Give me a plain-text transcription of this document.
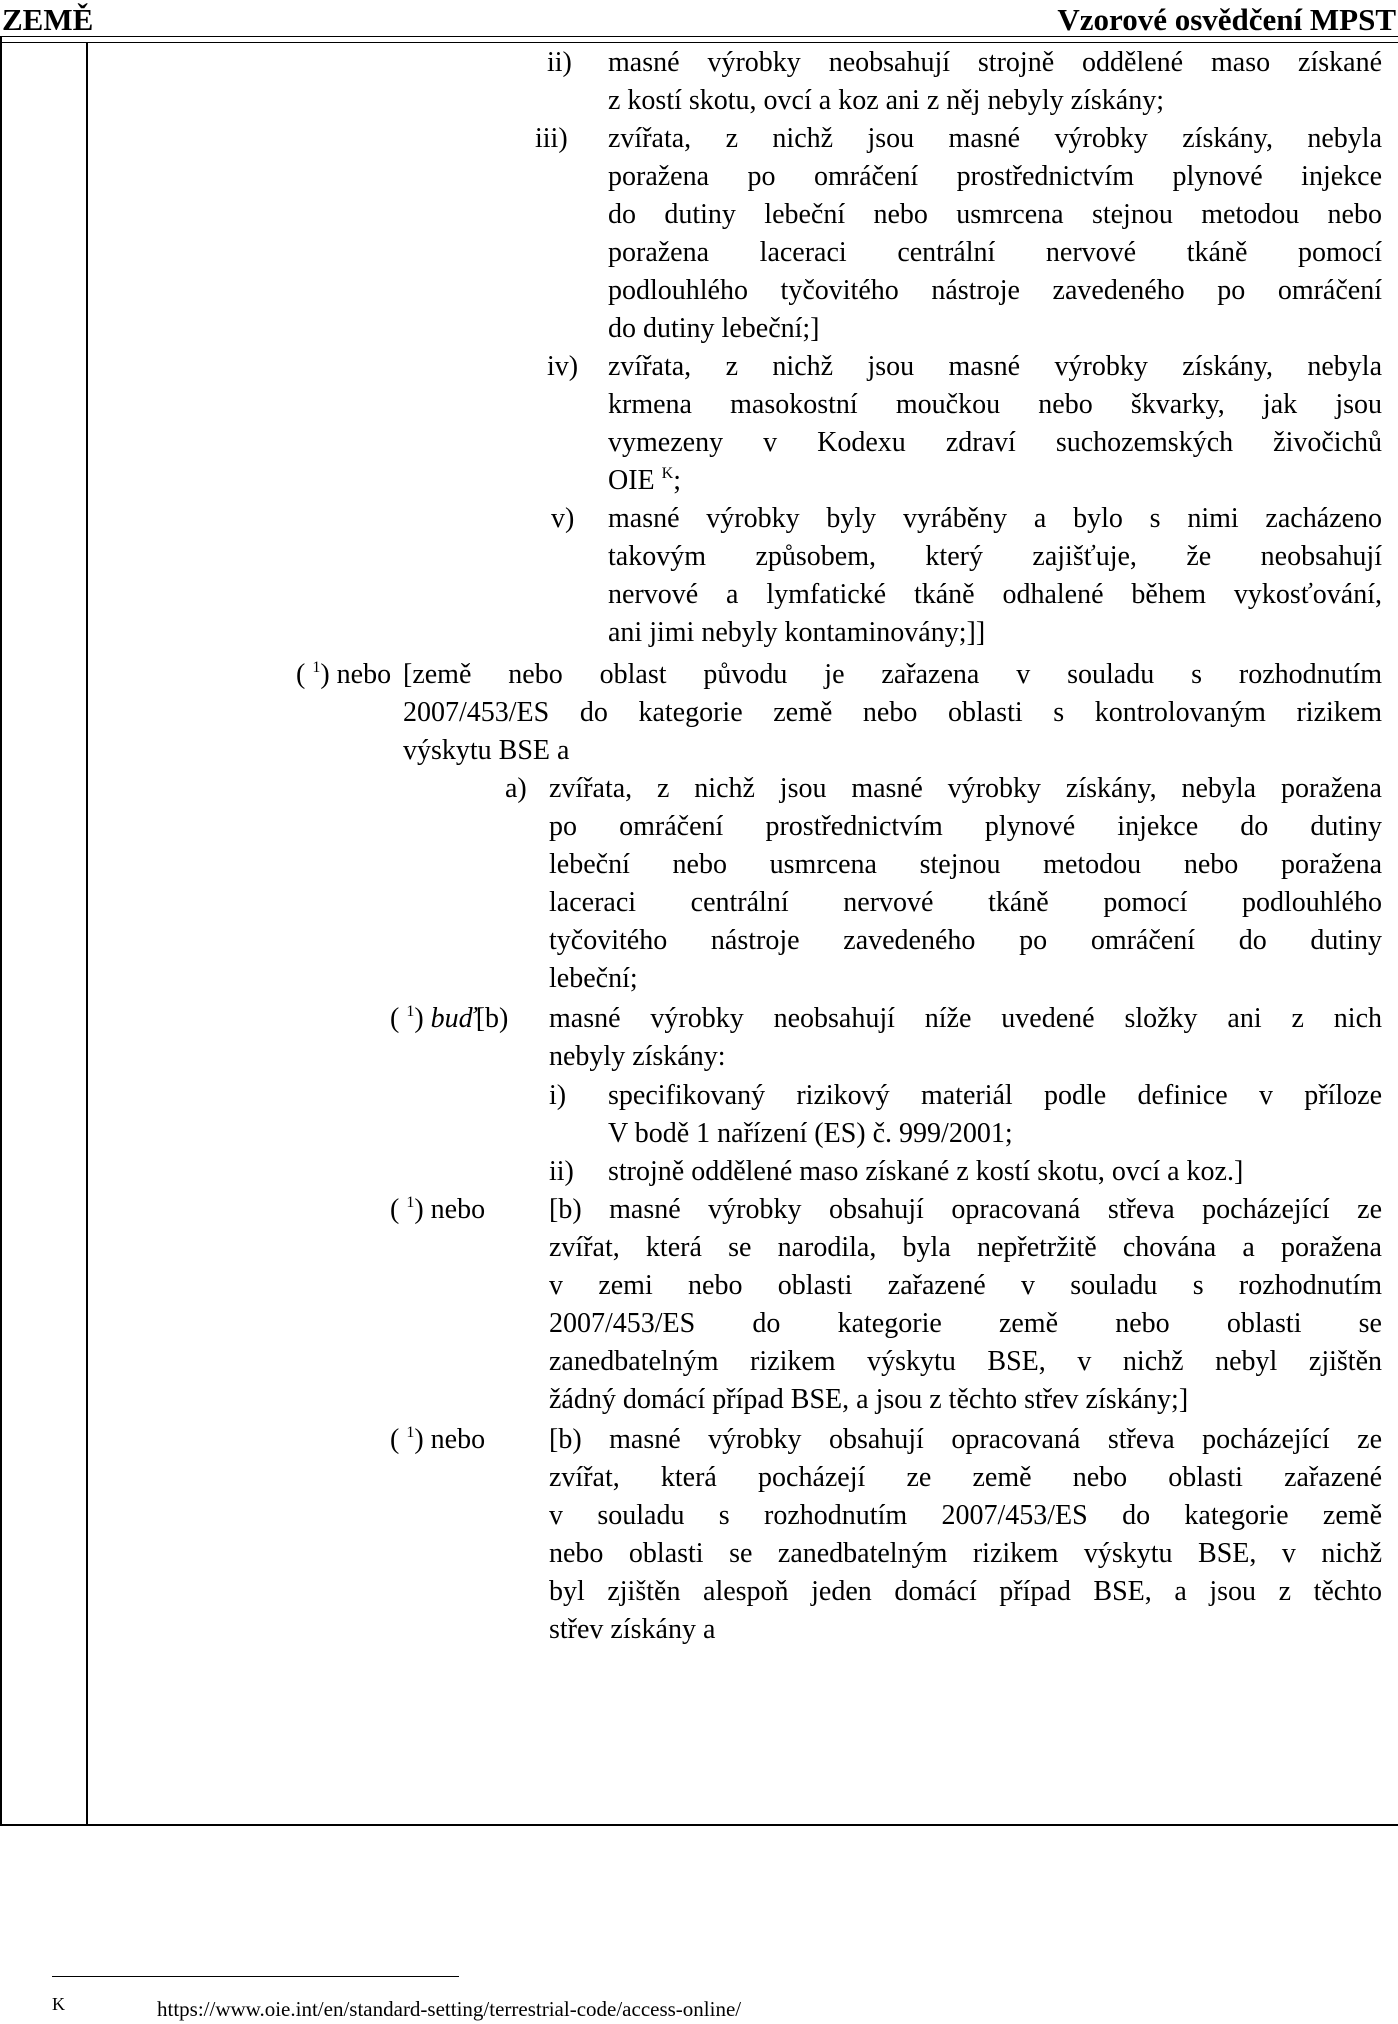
ZEMĚ	Vzorové osvědčení MPST
ii) masné výrobky neobsahují strojně oddělené maso získané
z kostí skotu, ovcí a koz ani z něj nebyly získány;
iii) zvířata, z nichž jsou masné výrobky získány, nebyla
poražena po omráčení prostřednictvím plynové injekce
do dutiny lebeční nebo usmrcena stejnou metodou nebo
poražena laceraci centrální nervové tkáně pomocí
podlouhlého tyčovitého nástroje zavedeného po omráčení
do dutiny lebeční;]
iv) zvířata, z nichž jsou masné výrobky získány, nebyla
krmena masokostní moučkou nebo škvarky, jak jsou
vymezeny v Kodexu zdraví suchozemských živočichů
OIE $^K$;
v) masné výrobky byly vyráběny a bylo s nimi zacházeno
takovým způsobem, který zajišťuje, že neobsahují
nervové a lymfatické tkáně odhalené během vykosťování,
ani jimi nebyly kontaminovány;]]
( $^1$) nebo [země nebo oblast původu je zařazena v souladu s rozhodnutím
2007/453/ES do kategorie země nebo oblasti s kontrolovaným rizikem
výskytu BSE a
a) zvířata, z nichž jsou masné výrobky získány, nebyla poražena
po omráčení prostřednictvím plynové injekce do dutiny
lebeční nebo usmrcena stejnou metodou nebo poražena
laceraci centrální nervové tkáně pomocí podlouhlého
tyčovitého nástroje zavedeného po omráčení do dutiny
lebeční;
( $^1$) buď[b) masné výrobky neobsahují níže uvedené složky ani z nich
nebyly získány:
i) specifikovaný rizikový materiál podle definice v příloze
V bodě 1 nařízení (ES) č. 999/2001;
ii) strojně oddělené maso získané z kostí skotu, ovcí a koz.]
( $^1$) nebo [b) masné výrobky obsahují opracovaná střeva pocházející ze
zvířat, která se narodila, byla nepřetržitě chována a poražena
v zemi nebo oblasti zařazené v souladu s rozhodnutím
2007/453/ES do kategorie země nebo oblasti se
zanedbatelným rizikem výskytu BSE, v nichž nebyl zjištěn
žádný domácí případ BSE, a jsou z těchto střev získány;]
( $^1$) nebo [b) masné výrobky obsahují opracovaná střeva pocházející ze
zvířat, která pocházejí ze země nebo oblasti zařazené
v souladu s rozhodnutím 2007/453/ES do kategorie země
nebo oblasti se zanedbatelným rizikem výskytu BSE, v nichž
byl zjištěn alespoň jeden domácí případ BSE, a jsou z těchto
střev získány a
K	https://www.oie.int/en/standard-setting/terrestrial-code/access-online/
